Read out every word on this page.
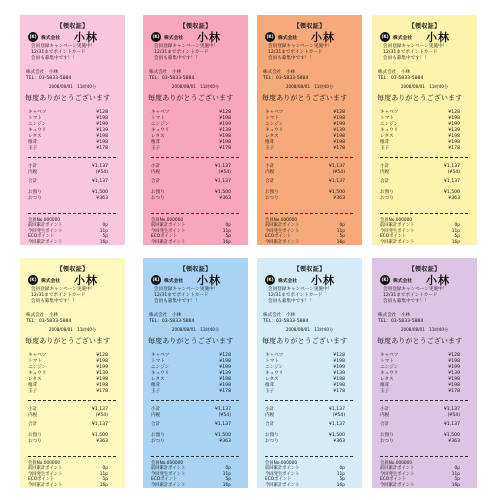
【領収証】
(K) 株式会社 小林
会員登録キャンペーン実施中！
12/31までポイントカード
会員も募集中です！！
株式会社　小林
TEL：03-5833-5884
2008/08/01　11時40分
毎度ありがとうございます
キャベツ	¥128
トマト	¥198
ニンジン	¥199
キュウリ	¥139
レタス	¥198
椎茸	¥198
玉子	¥178
小計	¥1,137
内税	(¥54)
合計	¥1,137
お預り	¥1,500
おつり	¥363
会員No.000000
前回累計ポイント	0p
今回発生ポイント	11p
ECOポイント	5p
今回累計ポイント	16p
【領収証】
(K) 株式会社 小林
会員登録キャンペーン実施中！
12/31までポイントカード
会員も募集中です！！
株式会社　小林
TEL：03-5833-5884
2008/08/01　11時40分
毎度ありがとうございます
キャベツ	¥128
トマト	¥198
ニンジン	¥199
キュウリ	¥139
レタス	¥198
椎茸	¥198
玉子	¥178
小計	¥1,137
内税	(¥54)
合計	¥1,137
お預り	¥1,500
おつり	¥363
会員No.000000
前回累計ポイント	0p
今回発生ポイント	11p
ECOポイント	5p
今回累計ポイント	16p
【領収証】
(K) 株式会社 小林
会員登録キャンペーン実施中！
12/31までポイントカード
会員も募集中です！！
株式会社　小林
TEL：03-5833-5884
2008/08/01　11時40分
毎度ありがとうございます
キャベツ	¥128
トマト	¥198
ニンジン	¥199
キュウリ	¥139
レタス	¥198
椎茸	¥198
玉子	¥178
小計	¥1,137
内税	(¥54)
合計	¥1,137
お預り	¥1,500
おつり	¥363
会員No.000000
前回累計ポイント	0p
今回発生ポイント	11p
ECOポイント	5p
今回累計ポイント	16p
【領収証】
(K) 株式会社 小林
会員登録キャンペーン実施中！
12/31までポイントカード
会員も募集中です！！
株式会社　小林
TEL：03-5833-5884
2008/08/01　11時40分
毎度ありがとうございます
キャベツ	¥128
トマト	¥198
ニンジン	¥199
キュウリ	¥139
レタス	¥198
椎茸	¥198
玉子	¥178
小計	¥1,137
内税	(¥54)
合計	¥1,137
お預り	¥1,500
おつり	¥363
会員No.000000
前回累計ポイント	0p
今回発生ポイント	11p
ECOポイント	5p
今回累計ポイント	16p
【領収証】
(K) 株式会社 小林
会員登録キャンペーン実施中！
12/31までポイントカード
会員も募集中です！！
株式会社　小林
TEL：03-5833-5884
2008/08/01　11時40分
毎度ありがとうございます
キャベツ	¥128
トマト	¥198
ニンジン	¥199
キュウリ	¥139
レタス	¥198
椎茸	¥198
玉子	¥178
小計	¥1,137
内税	(¥54)
合計	¥1,137
お預り	¥1,500
おつり	¥363
会員No.000000
前回累計ポイント	0p
今回発生ポイント	11p
ECOポイント	5p
今回累計ポイント	16p
【領収証】
(K) 株式会社 小林
会員登録キャンペーン実施中！
12/31までポイントカード
会員も募集中です！！
株式会社　小林
TEL：03-5833-5884
2008/08/01　11時40分
毎度ありがとうございます
キャベツ	¥128
トマト	¥198
ニンジン	¥199
キュウリ	¥139
レタス	¥198
椎茸	¥198
玉子	¥178
小計	¥1,137
内税	(¥54)
合計	¥1,137
お預り	¥1,500
おつり	¥363
会員No.000000
前回累計ポイント	0p
今回発生ポイント	11p
ECOポイント	5p
今回累計ポイント	16p
【領収証】
(K) 株式会社 小林
会員登録キャンペーン実施中！
12/31までポイントカード
会員も募集中です！！
株式会社　小林
TEL：03-5833-5884
2008/08/01　11時40分
毎度ありがとうございます
キャベツ	¥128
トマト	¥198
ニンジン	¥199
キュウリ	¥139
レタス	¥198
椎茸	¥198
玉子	¥178
小計	¥1,137
内税	(¥54)
合計	¥1,137
お預り	¥1,500
おつり	¥363
会員No.000000
前回累計ポイント	0p
今回発生ポイント	11p
ECOポイント	5p
今回累計ポイント	16p
【領収証】
(K) 株式会社 小林
会員登録キャンペーン実施中！
12/31までポイントカード
会員も募集中です！！
株式会社　小林
TEL：03-5833-5884
2008/08/01　11時40分
毎度ありがとうございます
キャベツ	¥128
トマト	¥198
ニンジン	¥199
キュウリ	¥139
レタス	¥198
椎茸	¥198
玉子	¥178
小計	¥1,137
内税	(¥54)
合計	¥1,137
お預り	¥1,500
おつり	¥363
会員No.000000
前回累計ポイント	0p
今回発生ポイント	11p
ECOポイント	5p
今回累計ポイント	16p
